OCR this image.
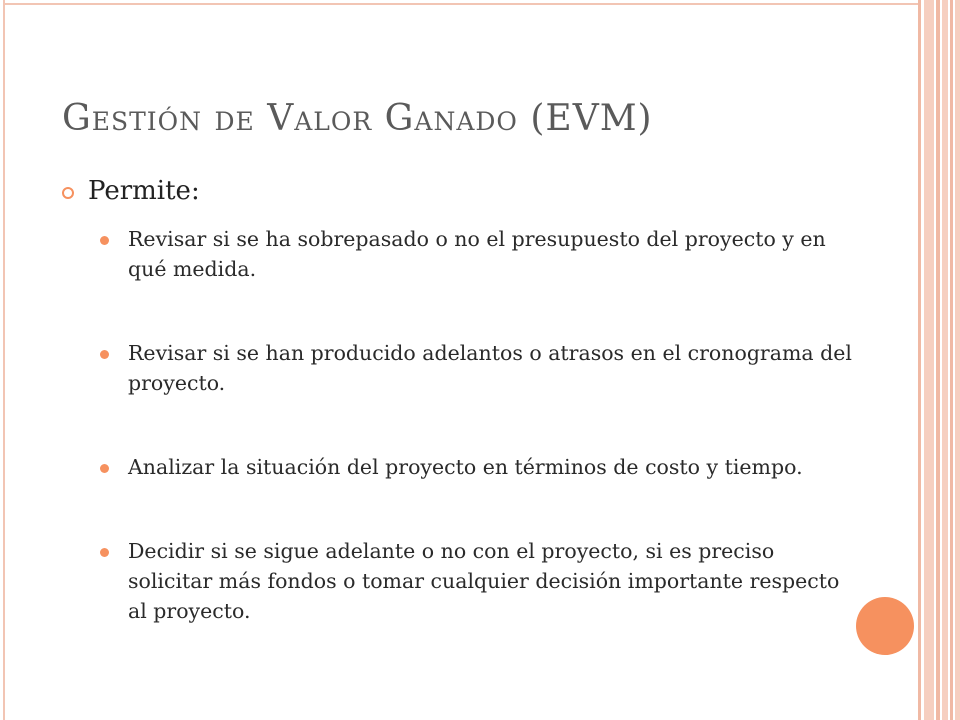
Gestión de Valor Ganado (EVM)
Permite:
Revisar si se ha sobrepasado o no el presupuesto del proyecto y en qué medida.
Revisar si se han producido adelantos o atrasos en el cronograma del proyecto.
Analizar la situación del proyecto en términos de costo y tiempo.
Decidir si se sigue adelante o no con el proyecto, si es preciso solicitar más fondos o tomar cualquier decisión importante respecto al proyecto.
